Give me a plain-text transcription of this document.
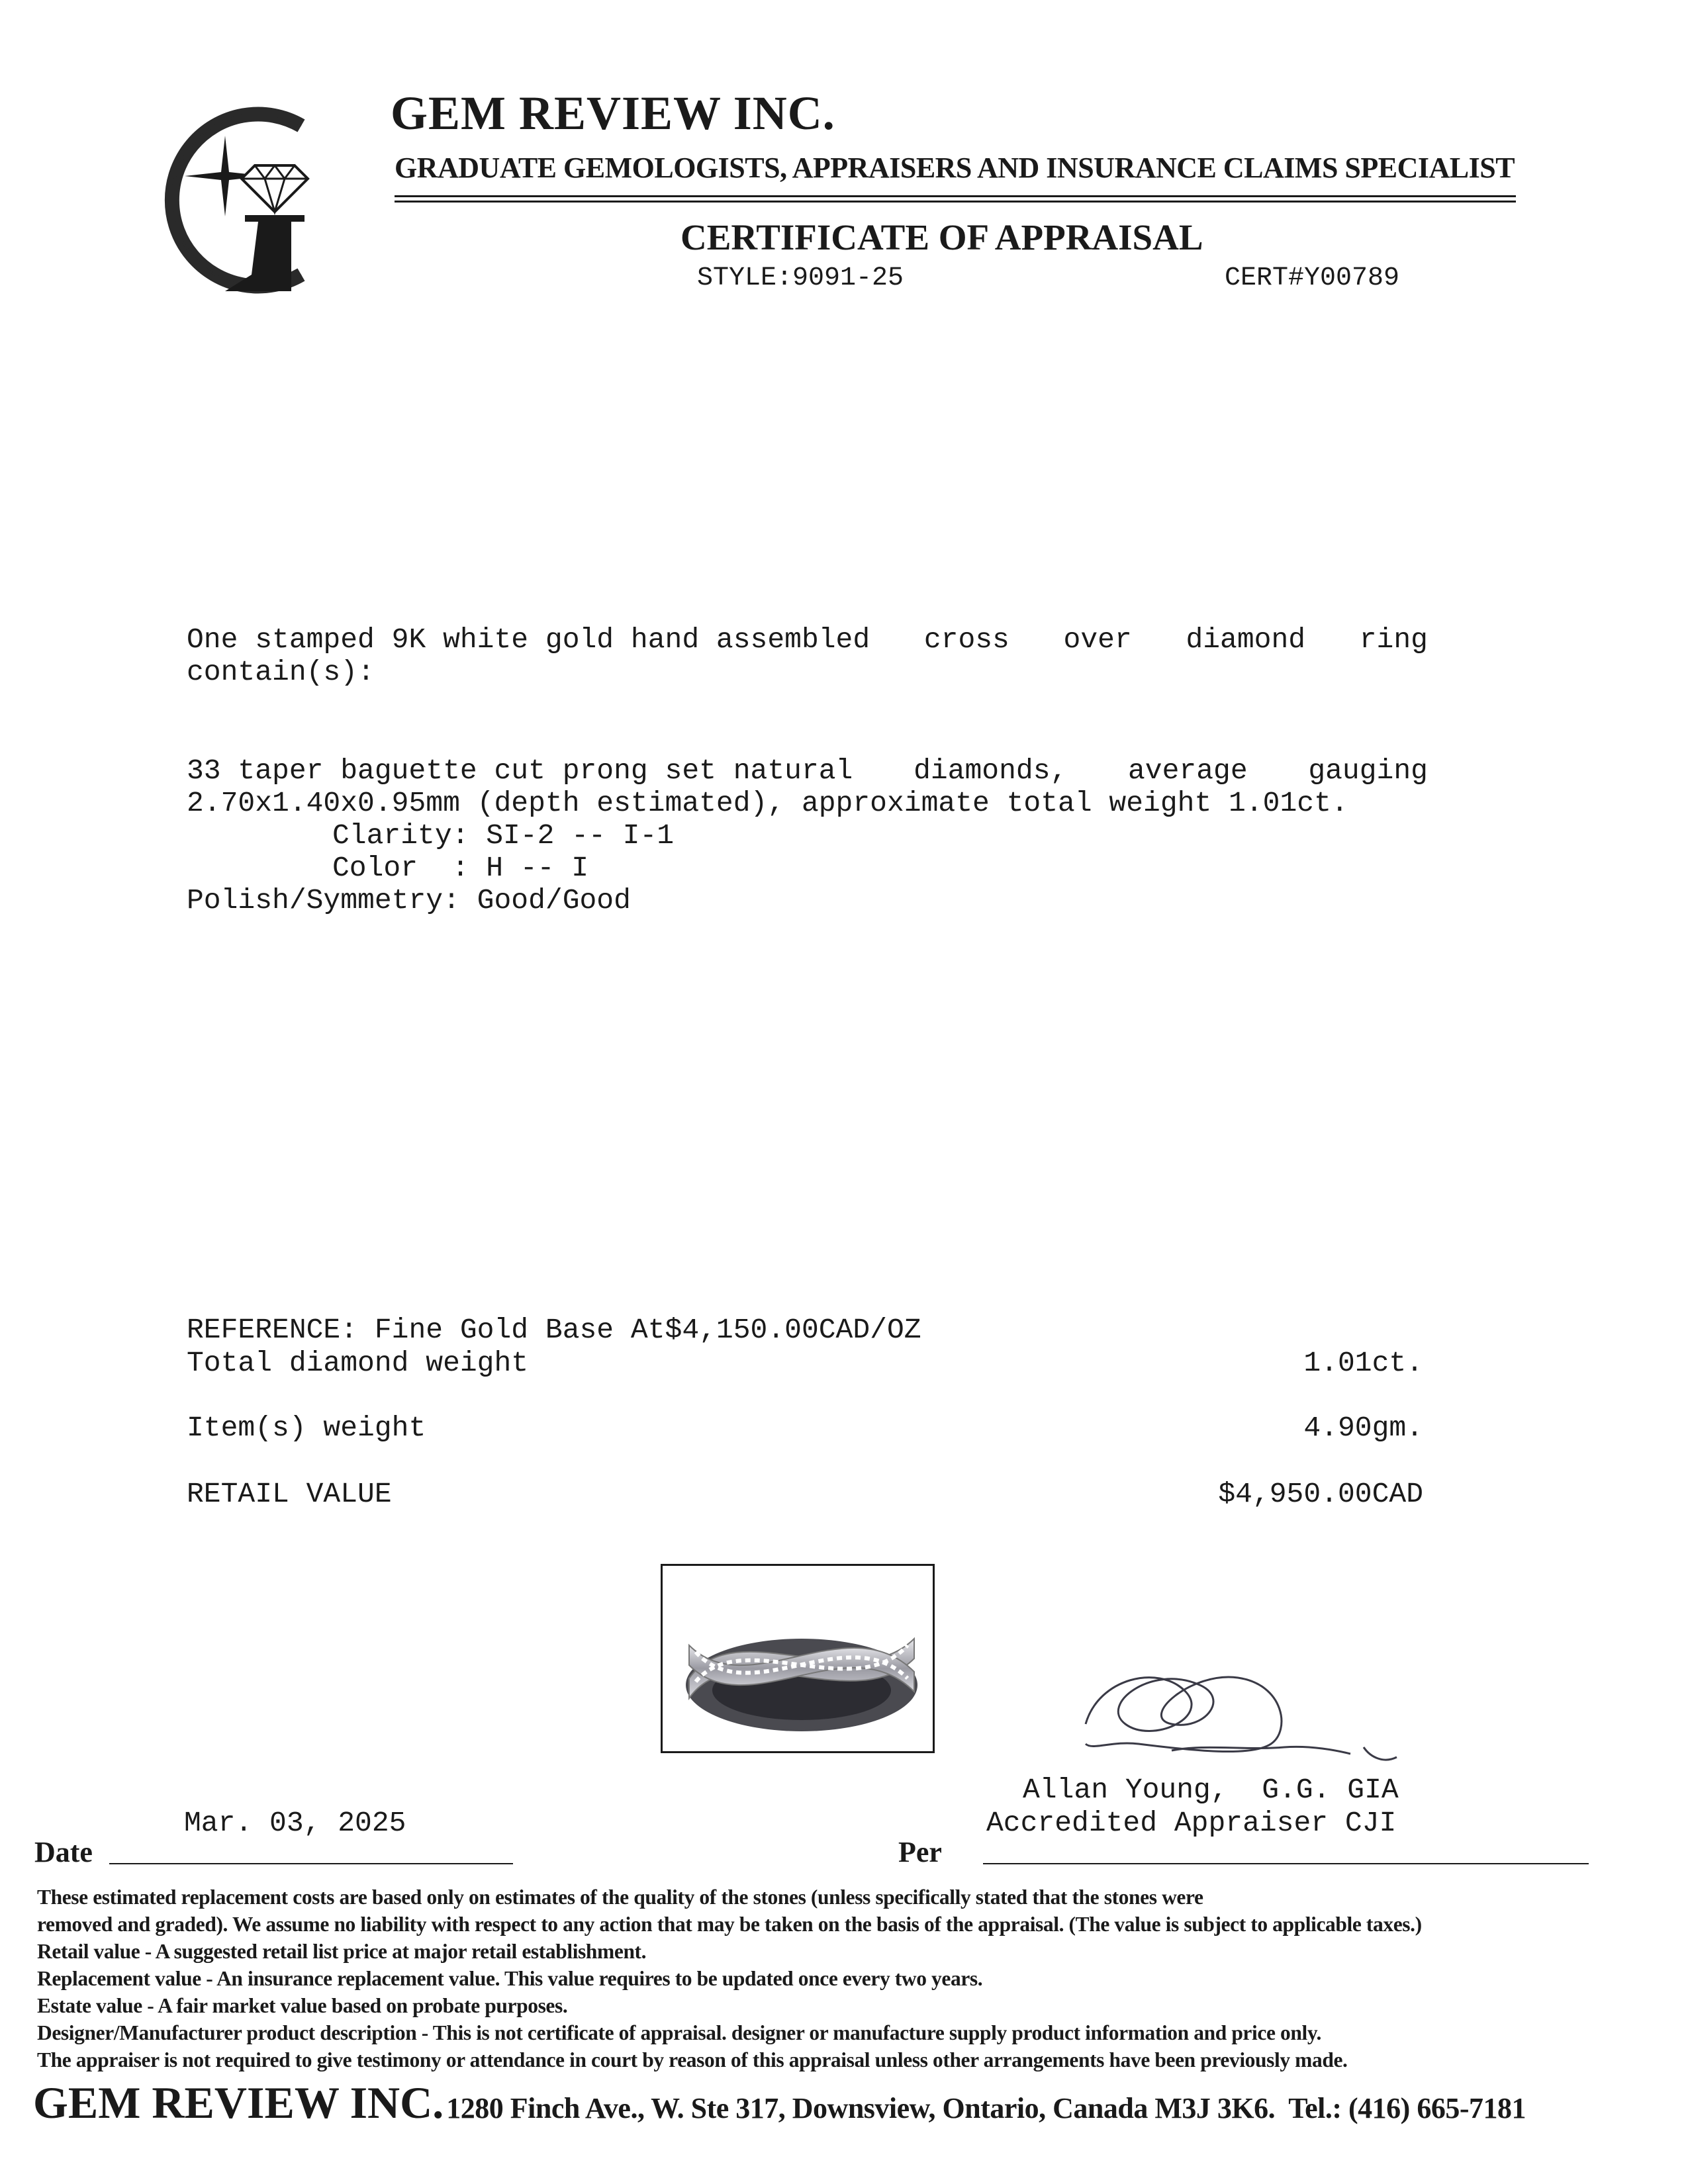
GEM REVIEW INC.
GRADUATE GEMOLOGISTS, APPRAISERS AND INSURANCE CLAIMS SPECIALIST
CERTIFICATE OF APPRAISAL
STYLE:9091-25	CERT#Y00789
One stamped 9K white gold hand assembled cross over diamond ring
contain(s):
33 taper baguette cut prong set natural diamonds, average gauging
2.70x1.40x0.95mm (depth estimated), approximate total weight 1.01ct.
Clarity: SI-2 -- I-1
Color  : H -- I
Polish/Symmetry: Good/Good
REFERENCE: Fine Gold Base At$4,150.00CAD/OZ
Total diamond weight	1.01ct.
Item(s) weight	4.90gm.
RETAIL VALUE	$4,950.00CAD
Allan Young,  G.G. GIA
Accredited Appraiser CJI
Mar. 03, 2025
Date	Per
These estimated replacement costs are based only on estimates of the quality of the stones (unless specifically stated that the stones were
removed and graded). We assume no liability with respect to any action that may be taken on the basis of the appraisal. (The value is subject to applicable taxes.)
Retail value - A suggested retail list price at major retail establishment.
Replacement value - An insurance replacement value. This value requires to be updated once every two years.
Estate value - A fair market value based on probate purposes.
Designer/Manufacturer product description - This is not certificate of appraisal. designer or manufacture supply product information and price only.
The appraiser is not required to give testimony or attendance in court by reason of this appraisal unless other arrangements have been previously made.
GEM REVIEW INC. 1280 Finch Ave., W. Ste 317, Downsview, Ontario, Canada M3J 3K6.  Tel.: (416) 665-7181
